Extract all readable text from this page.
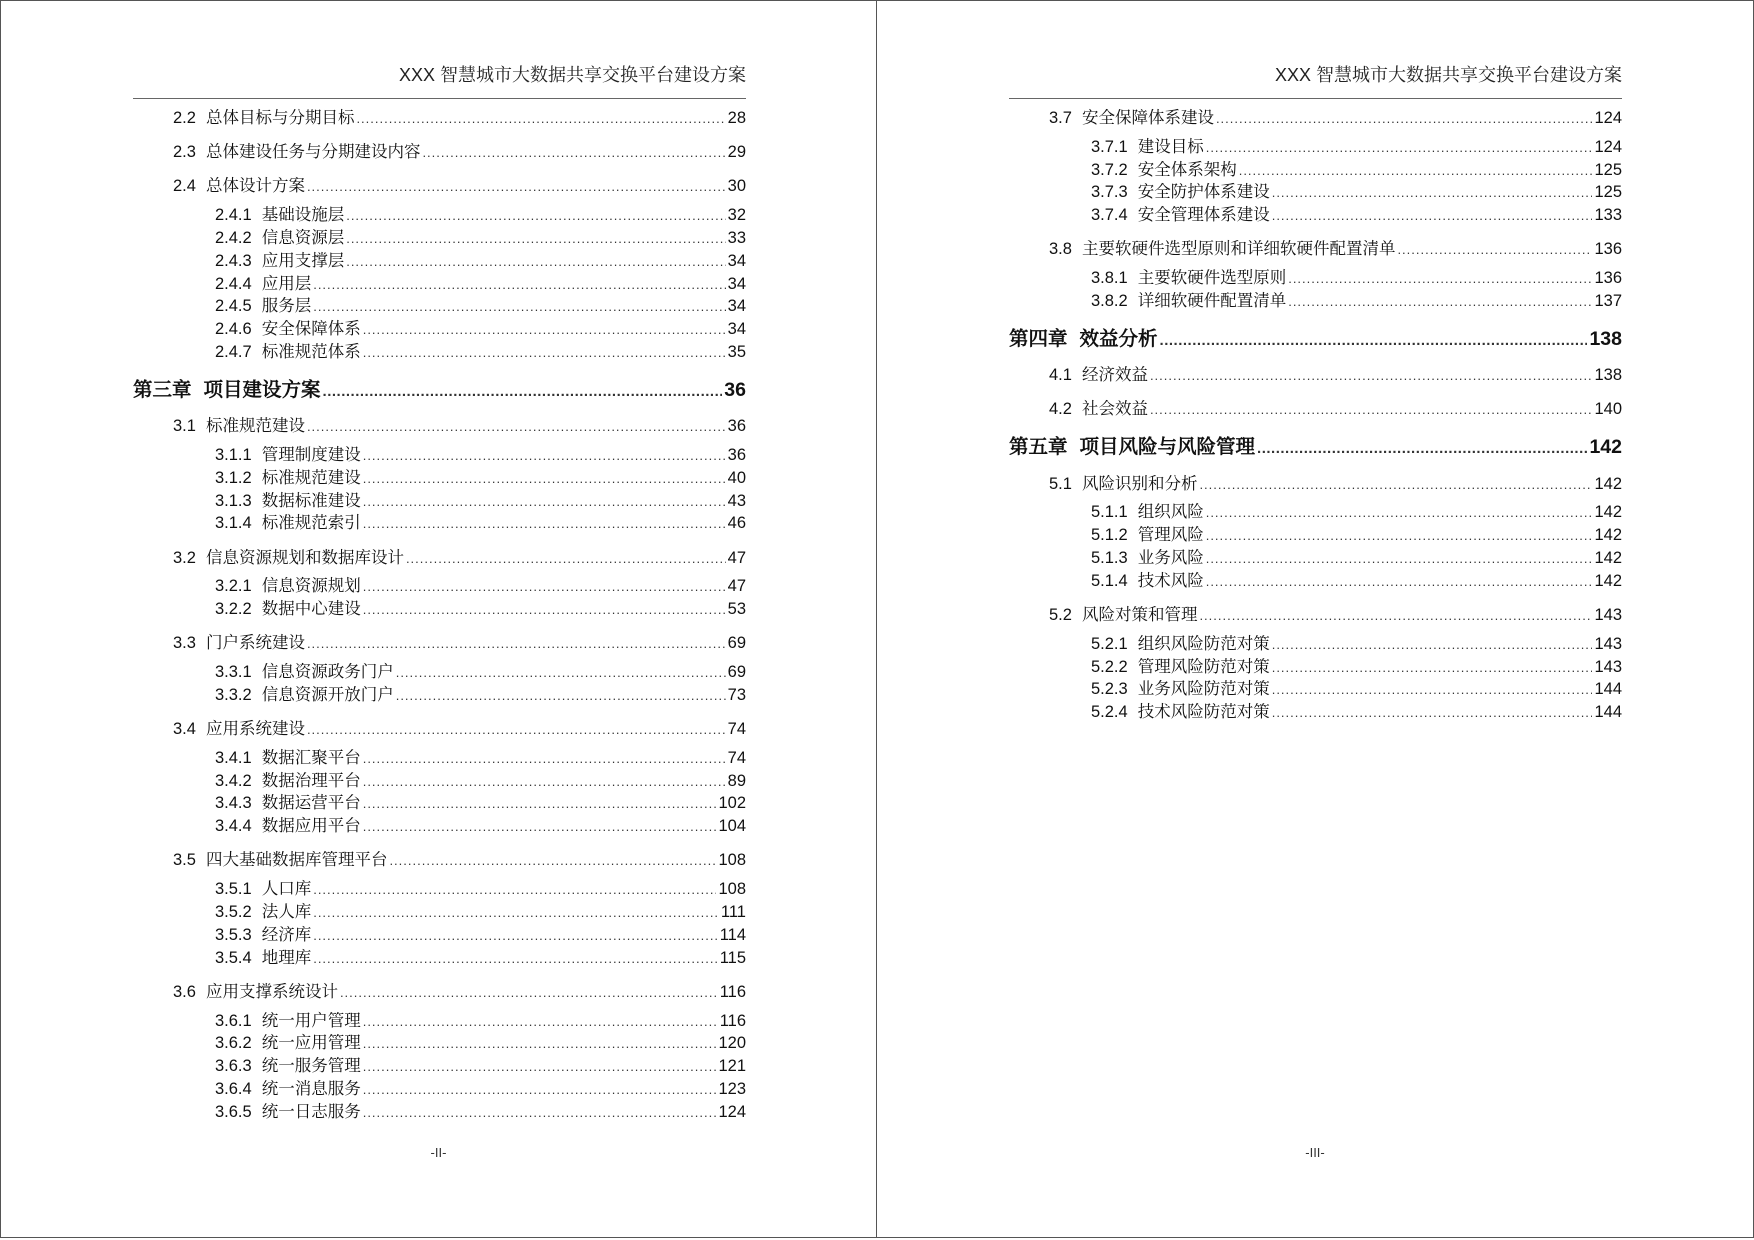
XXX 智慧城市大数据共享交换平台建设方案
2.2 总体目标与分期目标 .....	28
2.3 总体建设任务与分期建设内容 .....	29
2.4 总体设计方案 .....	30
2.4.1 基础设施层 .....	32
2.4.2 信息资源层 .....	33
2.4.3 应用支撑层 .....	34
2.4.4 应用层 .....	34
2.4.5 服务层 .....	34
2.4.6 安全保障体系 .....	34
2.4.7 标准规范体系 .....	35
第三章 项目建设方案 .....	36
3.1 标准规范建设 .....	36
3.1.1 管理制度建设 .....	36
3.1.2 标准规范建设 .....	40
3.1.3 数据标准建设 .....	43
3.1.4 标准规范索引 .....	46
3.2 信息资源规划和数据库设计 .....	47
3.2.1 信息资源规划 .....	47
3.2.2 数据中心建设 .....	53
3.3 门户系统建设 .....	69
3.3.1 信息资源政务门户 .....	69
3.3.2 信息资源开放门户 .....	73
3.4 应用系统建设 .....	74
3.4.1 数据汇聚平台 .....	74
3.4.2 数据治理平台 .....	89
3.4.3 数据运营平台 .....	102
3.4.4 数据应用平台 .....	104
3.5 四大基础数据库管理平台 .....	108
3.5.1 人口库 .....	108
3.5.2 法人库 .....	111
3.5.3 经济库 .....	114
3.5.4 地理库 .....	115
3.6 应用支撑系统设计 .....	116
3.6.1 统一用户管理 .....	116
3.6.2 统一应用管理 .....	120
3.6.3 统一服务管理 .....	121
3.6.4 统一消息服务 .....	123
3.6.5 统一日志服务 .....	124
-II-
XXX 智慧城市大数据共享交换平台建设方案
3.7 安全保障体系建设 .....	124
3.7.1 建设目标 .....	124
3.7.2 安全体系架构 .....	125
3.7.3 安全防护体系建设 .....	125
3.7.4 安全管理体系建设 .....	133
3.8 主要软硬件选型原则和详细软硬件配置清单 .....	136
3.8.1 主要软硬件选型原则 .....	136
3.8.2 详细软硬件配置清单 .....	137
第四章 效益分析 .....	138
4.1 经济效益 .....	138
4.2 社会效益 .....	140
第五章 项目风险与风险管理 .....	142
5.1 风险识别和分析 .....	142
5.1.1 组织风险 .....	142
5.1.2 管理风险 .....	142
5.1.3 业务风险 .....	142
5.1.4 技术风险 .....	142
5.2 风险对策和管理 .....	143
5.2.1 组织风险防范对策 .....	143
5.2.2 管理风险防范对策 .....	143
5.2.3 业务风险防范对策 .....	144
5.2.4 技术风险防范对策 .....	144
-III-
